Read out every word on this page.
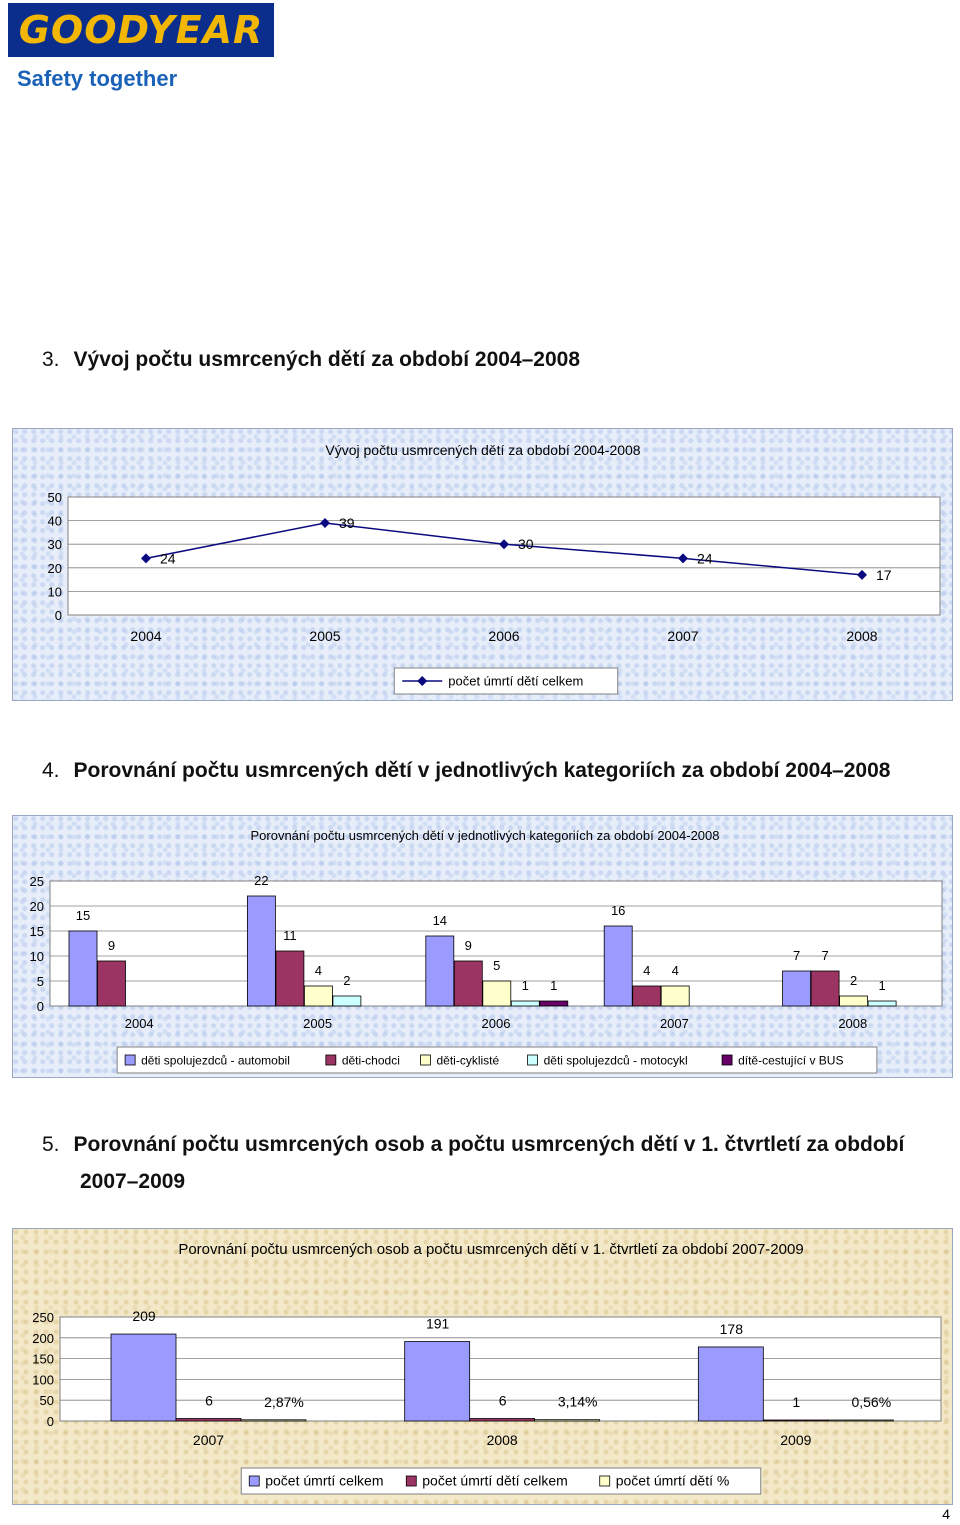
GOODYEAR
Safety together
3. Vývoj počtu usmrcených dětí za období 2004–2008
Vývoj počtu usmrcených dětí za období 2004-2008
0
10
20
30
40
50
24
39
30
24
17
2004	2005	2006	2007	2008
počet úmrtí dětí celkem
4. Porovnání počtu usmrcených dětí v jednotlivých kategoriích za období 2004–2008
Porovnání počtu usmrcených dětí v jednotlivých kategoriích za období 2004-2008
0
5
10
15
20
25
15
9
2004
22
11
4
2
2005
14
9
5
1 1
2006
16
4 4
2007
7 7
2 1
2008
děti spolujezdců - automobil	děti-chodci	děti-cyklisté	děti spolujezdců - motocykl	dítě-cestující v BUS
5. Porovnání počtu usmrcených osob a počtu usmrcených dětí v 1. čtvrtletí za období
2007–2009
Porovnání počtu usmrcených osob a počtu usmrcených dětí v 1. čtvrtletí za období 2007-2009
0
50
100
150
200
250	209
6	2,87%
2007
191
6	3,14%
2008
178
1	0,56%
2009
počet úmrtí celkem	počet úmrtí dětí celkem	počet úmrtí dětí %
4
